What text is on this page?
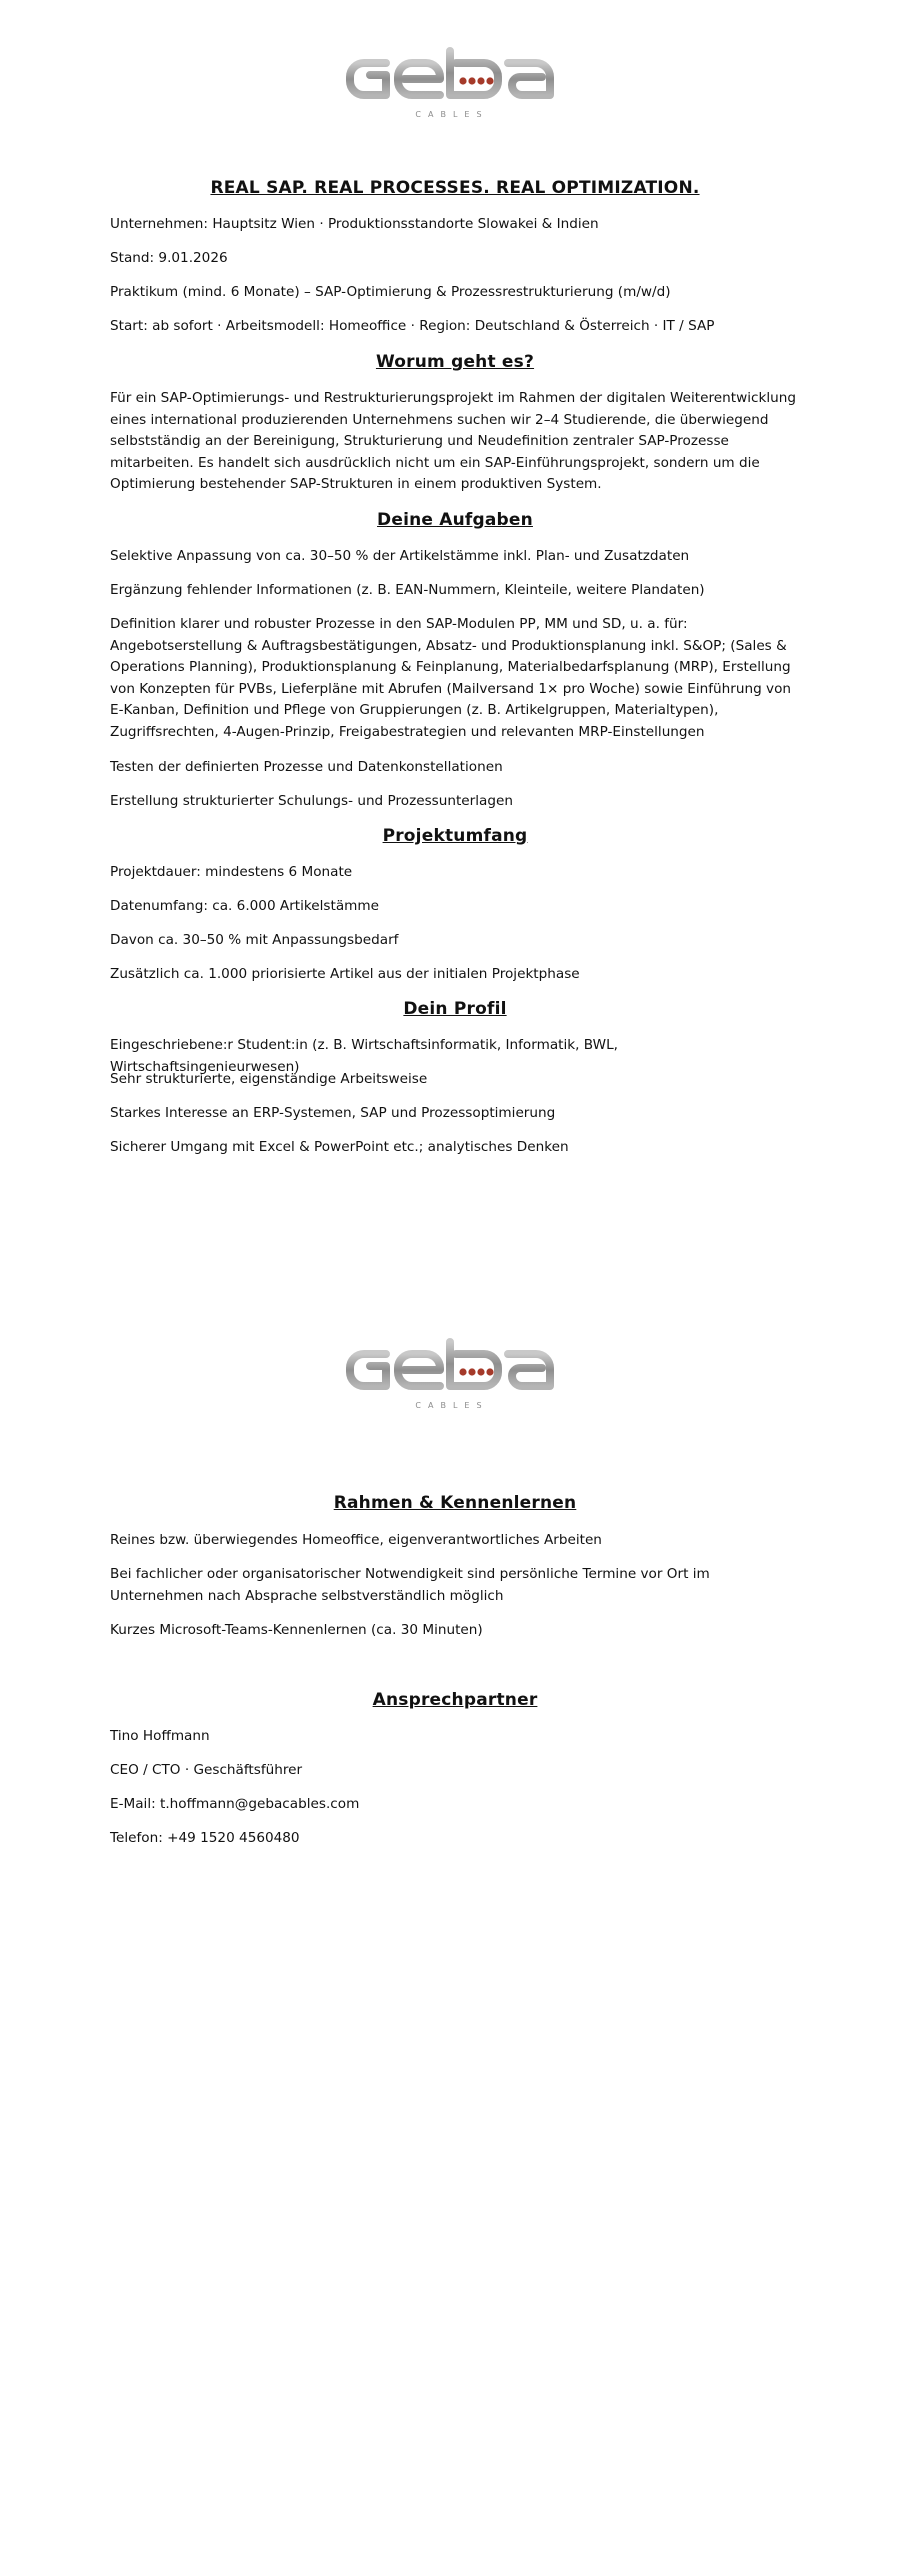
CABLES
REAL SAP. REAL PROCESSES. REAL OPTIMIZATION.

Unternehmen: Hauptsitz Wien · Produktionsstandorte Slowakei & Indien

Stand: 9.01.2026

Praktikum (mind. 6 Monate) – SAP-Optimierung & Prozessrestrukturierung (m/w/d)

Start: ab sofort · Arbeitsmodell: Homeoffice · Region: Deutschland & Österreich · IT / SAP

Worum geht es?

Für ein SAP-Optimierungs- und Restrukturierungsprojekt im Rahmen der digitalen Weiterentwicklung eines international produzierenden Unternehmens suchen wir 2–4 Studierende, die überwiegend selbstständig an der Bereinigung, Strukturierung und Neudefinition zentraler SAP-Prozesse mitarbeiten. Es handelt sich ausdrücklich nicht um ein SAP-Einführungsprojekt, sondern um die Optimierung bestehender SAP-Strukturen in einem produktiven System.

Deine Aufgaben

Selektive Anpassung von ca. 30–50 % der Artikelstämme inkl. Plan- und Zusatzdaten

Ergänzung fehlender Informationen (z. B. EAN-Nummern, Kleinteile, weitere Plandaten)

Definition klarer und robuster Prozesse in den SAP-Modulen PP, MM und SD, u. a. für: Angebotserstellung & Auftragsbestätigungen, Absatz- und Produktionsplanung inkl. S&OP; (Sales & Operations Planning), Produktionsplanung & Feinplanung, Materialbedarfsplanung (MRP), Erstellung von Konzepten für PVBs, Lieferpläne mit Abrufen (Mailversand 1× pro Woche) sowie Einführung von E-Kanban, Definition und Pflege von Gruppierungen (z. B. Artikelgruppen, Materialtypen), Zugriffsrechten, 4-Augen-Prinzip, Freigabestrategien und relevanten MRP-Einstellungen

Testen der definierten Prozesse und Datenkonstellationen

Erstellung strukturierter Schulungs- und Prozessunterlagen

Projektumfang

Projektdauer: mindestens 6 Monate

Datenumfang: ca. 6.000 Artikelstämme

Davon ca. 30–50 % mit Anpassungsbedarf

Zusätzlich ca. 1.000 priorisierte Artikel aus der initialen Projektphase

Dein Profil

Eingeschriebene:r Student:in (z. B. Wirtschaftsinformatik, Informatik, BWL, Wirtschaftsingenieurwesen)

Sehr strukturierte, eigenständige Arbeitsweise

Starkes Interesse an ERP-Systemen, SAP und Prozessoptimierung

Sicherer Umgang mit Excel & PowerPoint etc.; analytisches Denken

CABLES
Rahmen & Kennenlernen

Reines bzw. überwiegendes Homeoffice, eigenverantwortliches Arbeiten

Bei fachlicher oder organisatorischer Notwendigkeit sind persönliche Termine vor Ort im Unternehmen nach Absprache selbstverständlich möglich

Kurzes Microsoft-Teams-Kennenlernen (ca. 30 Minuten)

Ansprechpartner

Tino Hoffmann

CEO / CTO · Geschäftsführer

E-Mail: t.hoffmann@gebacables.com

Telefon: +49 1520 4560480
